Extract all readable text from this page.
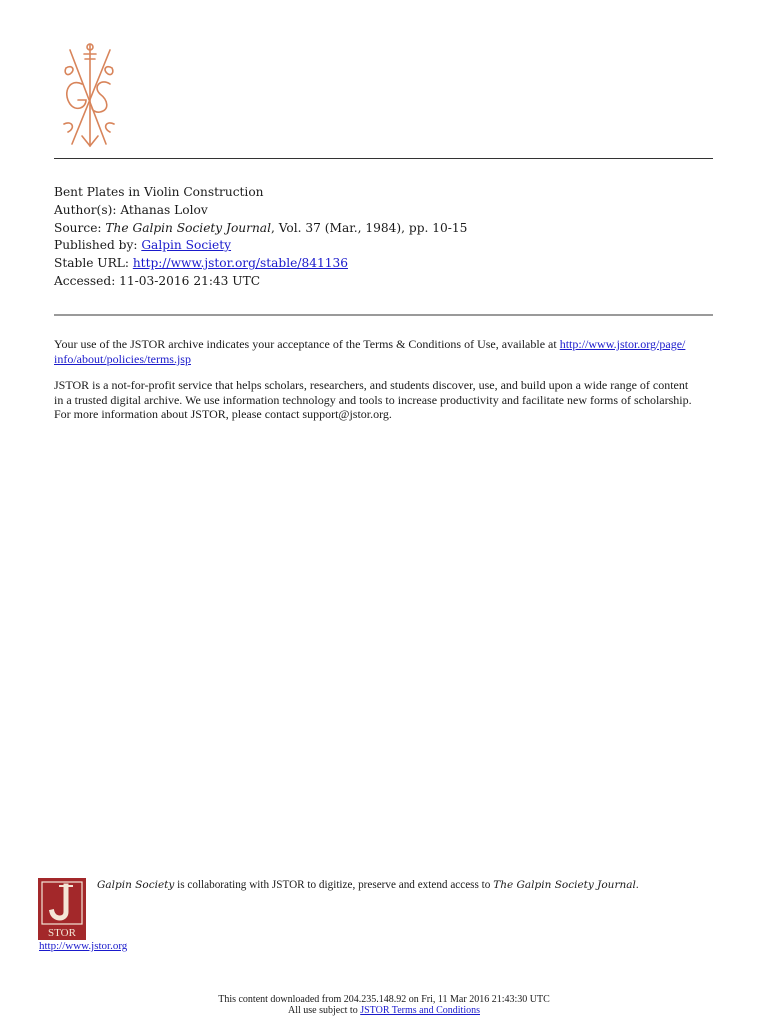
Bent Plates in Violin Construction
Author(s): Athanas Lolov
Source: The Galpin Society Journal, Vol. 37 (Mar., 1984), pp. 10-15
Published by: Galpin Society
Stable URL: http://www.jstor.org/stable/841136
Accessed: 11-03-2016 21:43 UTC
Your use of the JSTOR archive indicates your acceptance of the Terms & Conditions of Use, available at http://www.jstor.org/page/
info/about/policies/terms.jsp
JSTOR is a not-for-profit service that helps scholars, researchers, and students discover, use, and build upon a wide range of content
in a trusted digital archive. We use information technology and tools to increase productivity and facilitate new forms of scholarship.
For more information about JSTOR, please contact support@jstor.org.
STOR
Galpin Society is collaborating with JSTOR to digitize, preserve and extend access to The Galpin Society Journal.
http://www.jstor.org
This content downloaded from 204.235.148.92 on Fri, 11 Mar 2016 21:43:30 UTC
All use subject to JSTOR Terms and Conditions
